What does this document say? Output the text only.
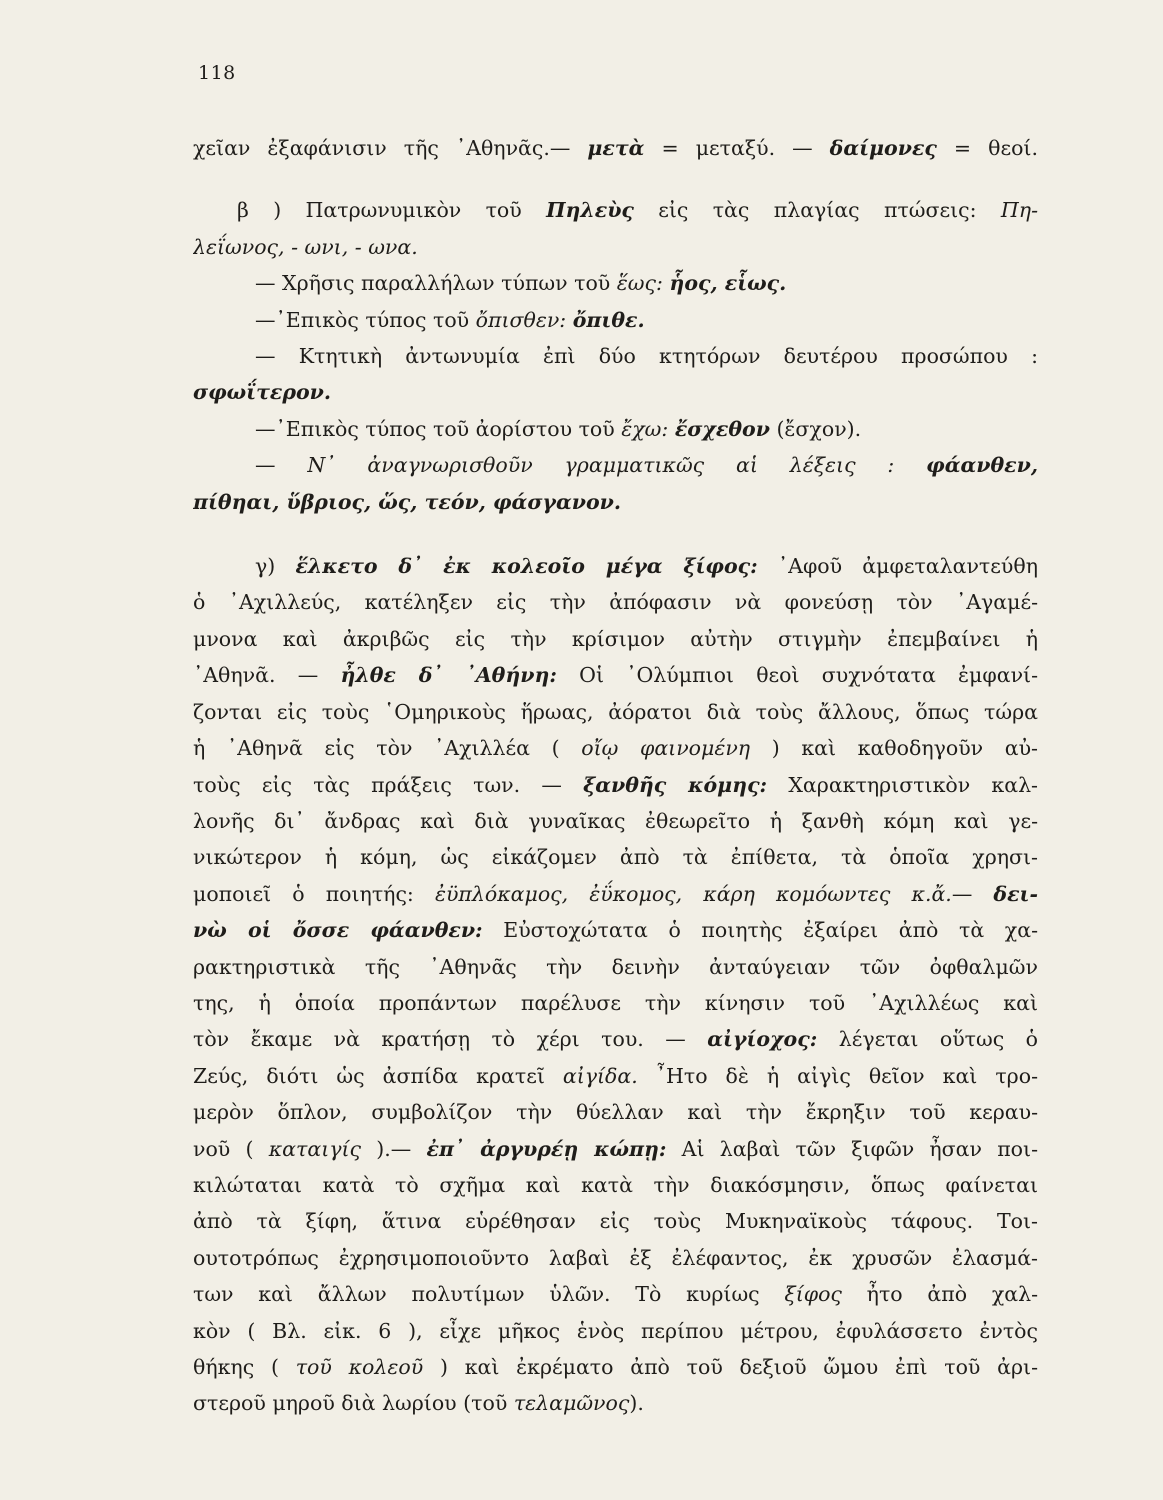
118
χεῖαν ἐξαφάνισιν τῆς ᾿Αθηνᾶς.— μετὰ = μεταξύ. — δαίμονες = θεοί.
β ) Πατρωνυμικὸν τοῦ Πηλεὺς εἰς τὰς πλαγίας πτώσεις: Πη-
λεΐωνος, - ωνι, - ωνα.
— Χρῆσις παραλλήλων τύπων τοῦ ἕως: ἧος, εἷως.
—᾿Επικὸς τύπος τοῦ ὄπισθεν: ὄπιθε.
— Κτητικὴ ἀντωνυμία ἐπὶ δύο κτητόρων δευτέρου προσώπου :
σφωΐτερον.
—᾿Επικὸς τύπος τοῦ ἀορίστου τοῦ ἔχω: ἔσχεθον (ἔσχον).
— Ν᾿ ἀναγνωρισθοῦν γραμματικῶς αἱ λέξεις : φάανθεν,
πίθηαι, ὕβριος, ὥς, τεόν, φάσγανον.
γ) ἕλκετο δ᾿ ἐκ κολεοῖο μέγα ξίφος: ᾿Αφοῦ ἀμφεταλαντεύθη
ὁ ᾿Αχιλλεύς, κατέληξεν εἰς τὴν ἀπόφασιν νὰ φονεύσῃ τὸν ᾿Αγαμέ-
μνονα καὶ ἀκριβῶς εἰς τὴν κρίσιμον αὐτὴν στιγμὴν ἐπεμβαίνει ἡ
᾿Αθηνᾶ. — ἦλθε δ᾿ ᾿Αθήνη: Οἱ ᾿Ολύμπιοι θεοὶ συχνότατα ἐμφανί-
ζονται εἰς τοὺς ῾Ομηρικοὺς ἥρωας, ἀόρατοι διὰ τοὺς ἄλλους, ὅπως τώρα
ἡ ᾿Αθηνᾶ εἰς τὸν ᾿Αχιλλέα ( οἴῳ φαινομένη ) καὶ καθοδηγοῦν αὐ-
τοὺς εἰς τὰς πράξεις των. — ξανθῆς κόμης: Χαρακτηριστικὸν καλ-
λονῆς δι᾿ ἄνδρας καὶ διὰ γυναῖκας ἐθεωρεῖτο ἡ ξανθὴ κόμη καὶ γε-
νικώτερον ἡ κόμη, ὡς εἰκάζομεν ἀπὸ τὰ ἐπίθετα, τὰ ὁποῖα χρησι-
μοποιεῖ ὁ ποιητής: ἐϋπλόκαμος, ἐΰκομος, κάρη κομόωντες κ.ἄ.— δει-
νὼ οἱ ὄσσε φάανθεν: Εὐστοχώτατα ὁ ποιητὴς ἐξαίρει ἀπὸ τὰ χα-
ρακτηριστικὰ τῆς ᾿Αθηνᾶς τὴν δεινὴν ἀνταύγειαν τῶν ὀφθαλμῶν
της, ἡ ὁποία προπάντων παρέλυσε τὴν κίνησιν τοῦ ᾿Αχιλλέως καὶ
τὸν ἔκαμε νὰ κρατήσῃ τὸ χέρι του. — αἰγίοχος: λέγεται οὕτως ὁ
Ζεύς, διότι ὡς ἀσπίδα κρατεῖ αἰγίδα. ῏Ητο δὲ ἡ αἰγὶς θεῖον καὶ τρο-
μερὸν ὅπλον, συμβολίζον τὴν θύελλαν καὶ τὴν ἔκρηξιν τοῦ κεραυ-
νοῦ ( καταιγίς ).— ἐπ᾿ ἀργυρέῃ κώπῃ: Αἱ λαβαὶ τῶν ξιφῶν ἦσαν ποι-
κιλώταται κατὰ τὸ σχῆμα καὶ κατὰ τὴν διακόσμησιν, ὅπως φαίνεται
ἀπὸ τὰ ξίφη, ἅτινα εὑρέθησαν εἰς τοὺς Μυκηναϊκοὺς τάφους. Τοι-
ουτοτρόπως ἐχρησιμοποιοῦντο λαβαὶ ἐξ ἐλέφαντος, ἐκ χρυσῶν ἐλασμά-
των καὶ ἄλλων πολυτίμων ὑλῶν. Τὸ κυρίως ξίφος ἦτο ἀπὸ χαλ-
κὸν ( Βλ. εἰκ. 6 ), εἶχε μῆκος ἑνὸς περίπου μέτρου, ἐφυλάσσετο ἐντὸς
θήκης ( τοῦ κολεοῦ ) καὶ ἐκρέματο ἀπὸ τοῦ δεξιοῦ ὤμου ἐπὶ τοῦ ἀρι-
στεροῦ μηροῦ διὰ λωρίου (τοῦ τελαμῶνος).
